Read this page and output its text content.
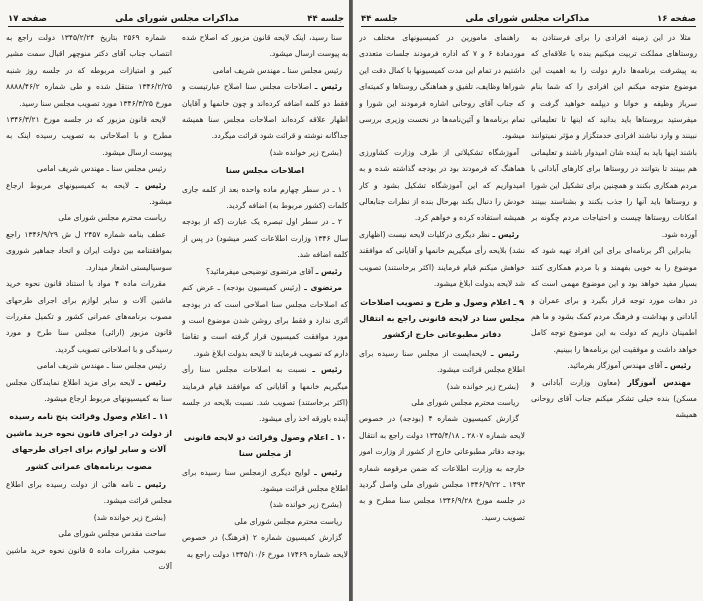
جلسه ۴۴
مذاکرات مجلس شورای ملی
صفحه ۱۷

شماره ۲۵۶۹ بتاریخ ۱۳۴۵/۲/۲۴ دولت راجع به انتصاب جناب آقای دکتر منوچهر اقبال سمت مشیر کبیر و امتیازات مربوطه که در جلسه روز شنبه ۱۳۴۶/۲/۲۵ منتقل شده و طی شماره ۸۸۸۸/۴۶/۲ مورخ ۱۳۴۶/۳/۲۵ مورد تصویب مجلس سنا رسید.

لایحه قانون مزبور که در جلسه مورخ ۱۳۴۶/۳/۲۱ مطرح و با اصلاحاتی به تصویب رسیده اینک به پیوست ارسال میشود.

رئیس مجلس سنا ـ مهندس شریف امامی

رئیس ـ لایحه به کمیسیونهای مربوط ارجاع میشود.

ریاست محترم مجلس شورای ملی

عطف بنامه شماره ۲۴۵۷ ل ش ۱۳۴۶/۹/۲۹ راجع بموافقتنامه بین دولت ایران و اتحاد جماهیر شوروی سوسیالیستی اشعار میدارد.

مقررات ماده ۴ مواد با استناد قانون نحوه خرید ماشین آلات و سایر لوازم برای اجرای طرحهای مصوب برنامه‌های عمرانی کشور و تکمیل مقررات قانون مزبور (ارائی) مجلس سنا طرح و مورد رسیدگی و با اصلاحاتی تصویب گردید.

رئیس مجلس سنا ـ مهندس شریف امامی

رئیس ـ لایحه برای مزید اطلاع نمایندگان مجلس سنا به کمیسیونهای مربوط ارجاع میشود.

۱۱ ـ اعلام وصول وقرائت پنج نامه رسیده از دولت در اجرای قانون نحوه خرید ماشین آلات و سایر لوازم برای اجرای طرحهای مصوب برنامه‌های عمرانی کشور

رئیس ـ نامه هائی از دولت رسیده برای اطلاع مجلس قرائت میشود.

(بشرح زیر خوانده شد)

ساحت مقدس مجلس شورای ملی

بموجب مقررات ماده ۵ قانون نحوه خرید ماشین آلات

سنا رسید، اینک لایحه قانون مزبور که اصلاح شده به پیوست ارسال میشود.

رئیس مجلس سنا ـ مهندس شریف امامی

رئیس ـ اصلاحات مجلس سنا اصلاح عبارتیست و فقط دو کلمه اضافه کرده‌اند و چون خانمها و آقایان اظهار علاقه کرده‌اند اصلاحات مجلس سنا همیشه جداگانه نوشته و قرائت شود قرائت میگردد.

(بشرح زیر خوانده شد)

اصلاحات مجلس سنا

۱ ـ در سطر چهارم ماده واحده بعد از کلمه جاری کلمات (کشور مربوط به) اضافه گردید.

۲ ـ در سطر اول تبصره یک عبارت (که از بودجه سال ۱۳۴۶ وزارت اطلاعات کسر میشود) در پس از کلمه اضافه شد.

رئیس ـ آقای مرتضوی توضیحی میفرمائید؟

مرتضوی ـ (رئیس کمیسیون بودجه) ـ عرض کنم که اصلاحات مجلس سنا اصلاحی است که در بودجه اثری ندارد و فقط برای روشن شدن موضوع است و مورد موافقت کمیسیون قرار گرفته است و تقاضا دارم که تصویب فرمایند تا لایحه بدولت ابلاغ شود.

رئیس ـ نسبت به اصلاحات مجلس سنا رأی میگیریم خانمها و آقایانی که موافقند قیام فرمایند (اکثر برخاستند) تصویب شد. نسبت بلایحه در جلسه آینده باورقه اخذ رأی میشود.

۱۰ ـ اعلام وصول وقرائت دو لایحه قانونی از مجلس سنا

رئیس ـ لوایح دیگری ازمجلس سنا رسیده برای اطلاع مجلس قرائت میشود.

(بشرح زیر خوانده شد)

ریاست محترم مجلس شورای ملی

گزارش کمیسیون شماره ۲ (فرهنگ) در خصوص لایحه شماره ۱۷۴۶۹ مورخ ۱۳۴۵/۱۰/۶ دولت راجع به

صفحه ۱۶
مذاکرات مجلس شورای ملی
جلسه ۴۴

راهنمای مامورین در کمیسیونهای مختلف در موردمادهٔ ۶ و ۷ که اداره فرمودند جلسات متعددی داشتیم در تمام این مدت کمیسیونها با کمال دقت این شوراها وظایف، تلفیق و هماهنگی روستاها و کمیته‌ای که جناب آقای روحانی اشاره فرمودند این شورا و تمام برنامه‌ها و آئین‌نامه‌ها در نخست وزیری بررسی میشود.

آموزشگاه تشکیلاتی از طرف وزارت کشاورزی هماهنگ که فرمودند بود در بودجه گذاشته شده و به امیدواریم که این آموزشگاه تشکیل بشود و کار خودش را دنبال بکند بهرحال بنده از نظرات جنابعالی همیشه استفاده کرده و خواهم کرد.

رئیس ـ نظر دیگری درکلیات لایحه نیست (اظهاری نشد) بلایحه رأی میگیریم خانمها و آقایانی که موافقند خواهش میکنم قیام فرمایند (اکثر برخاستند) تصویب شد لایحه بدولت ابلاغ میشود.

۹ ـ اعلام وصول و طرح و تصویب اصلاحات مجلس سنا در لایحه قانونی راجع به انتقال دفاتر مطبوعاتی خارج ازکشور

رئیس ـ لایحه‌ایست از مجلس سنا رسیده برای اطلاع مجلس قرائت میشود.

(بشرح زیر خوانده شد)

ریاست محترم مجلس شورای ملی

گزارش کمیسیون شماره ۴ (بودجه) در خصوص لایحه شماره ۲۸۰۷ ـ ۱۳۴۵/۴/۱۸ دولت راجع به انتقال بودجه دفاتر مطبوعاتی خارج از کشور از وزارت امور خارجه به وزارت اطلاعات که ضمن مرقومه شماره ۱۴۹۳ ـ ۱۳۴۶/۹/۲۲ مجلس شورای ملی واصل گردید در جلسه مورخ ۱۳۴۶/۹/۲۸ مجلس سنا مطرح و به تصویب رسید.

مثلا در این زمینه افرادی را برای فرستادن به روستاهای مملکت تربیت میکنیم بنده با علاقه‌ای که به پیشرفت برنامه‌ها دارم دولت را به اهمیت این موضوع متوجه میکنم این افرادی را که شما بنام سرباز وظیفه و خوانا و دیپلمه خواهید گرفت و میفرستید بروستاها باید بدانید که اینها تا تعلیماتی نبینند و وارد نباشند افرادی خدمتگزار و مؤثر نمیتوانند باشند اینها باید به آینده شان امیدوار باشند و تعلیماتی هم ببینند تا بتوانند در روستاها برای کارهای آبادانی با مردم همکاری بکنند و همچنین برای تشکیل این شورا و روستاها باید آنها را جذب بکنند و بشناسند ببینند امکانات روستاها چیست و احتیاجات مردم چگونه بر آورده شود.

بنابراین اگر برنامه‌ای برای این افراد تهیه شود که موضوع را به خوبی بفهمند و با مردم همکاری کنند بسیار مفید خواهد بود و این موضوع مهمی است که در دهات مورد توجه قرار بگیرد و برای عمران و آبادانی و بهداشت و فرهنگ مردم کمک بشود و ما هم اطمینان داریم که دولت به این موضوع توجه کامل خواهد داشت و موفقیت این برنامه‌ها را ببینیم.

رئیس ـ آقای مهندس آموزگار بفرمائید.

مهندس آموزگار (معاون وزارت آبادانی و مسکن) بنده خیلی تشکر میکنم جناب آقای روحانی همیشه
